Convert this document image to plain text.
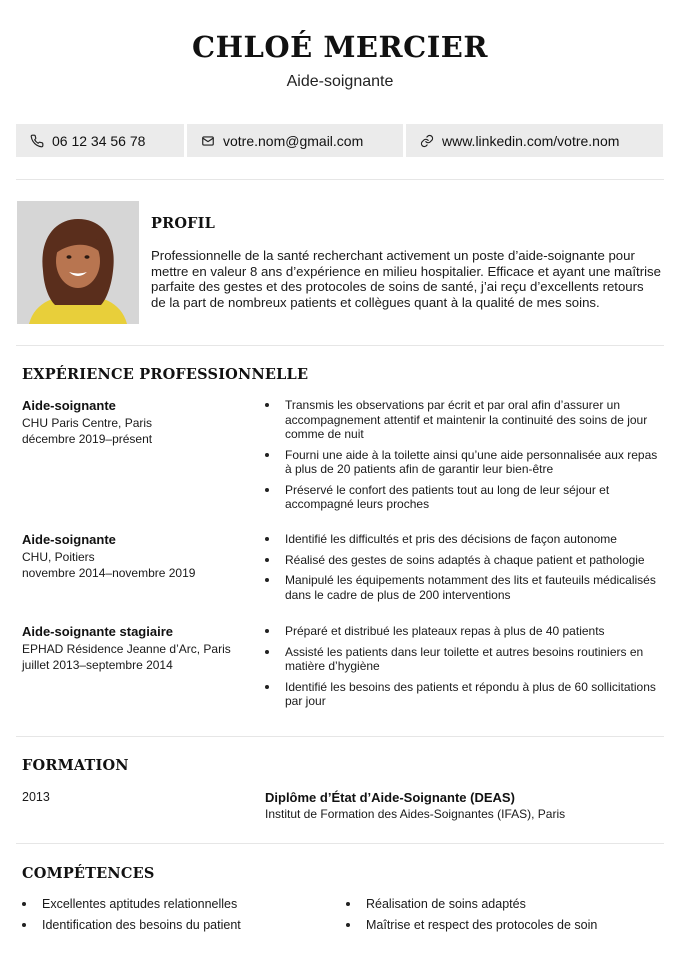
CHLOÉ MERCIER
Aide-soignante
06 12 34 56 78	votre.nom@gmail.com	www.linkedin.com/votre.nom
PROFIL
Professionnelle de la santé recherchant activement un poste d’aide-soignante pour mettre en valeur 8 ans d’expérience en milieu hospitalier. Efficace et ayant une maîtrise parfaite des gestes et des protocoles de soins de santé, j’ai reçu d’excellents retours de la part de nombreux patients et collègues quant à la qualité de mes soins.
EXPÉRIENCE PROFESSIONNELLE
Aide-soignante
CHU Paris Centre, Paris
décembre 2019–présent
Transmis les observations par écrit et par oral afin d’assurer un accompagnement attentif et maintenir la continuité des soins de jour comme de nuit
Fourni une aide à la toilette ainsi qu’une aide personnalisée aux repas à plus de 20 patients afin de garantir leur bien-être
Préservé le confort des patients tout au long de leur séjour et accompagné leurs proches
Aide-soignante
CHU, Poitiers
novembre 2014–novembre 2019
Identifié les difficultés et pris des décisions de façon autonome
Réalisé des gestes de soins adaptés à chaque patient et pathologie
Manipulé les équipements notamment des lits et fauteuils médicalisés dans le cadre de plus de 200 interventions
Aide-soignante stagiaire
EPHAD Résidence Jeanne d’Arc, Paris
juillet 2013–septembre 2014
Préparé et distribué les plateaux repas à plus de 40 patients
Assisté les patients dans leur toilette et autres besoins routiniers en matière d’hygiène
Identifié les besoins des patients et répondu à plus de 60 sollicitations par jour
FORMATION
2013	Diplôme d’État d’Aide-Soignante (DEAS)
Institut de Formation des Aides-Soignantes (IFAS), Paris
COMPÉTENCES
Excellentes aptitudes relationnelles
Identification des besoins du patient
Réalisation de soins adaptés
Maîtrise et respect des protocoles de soin
